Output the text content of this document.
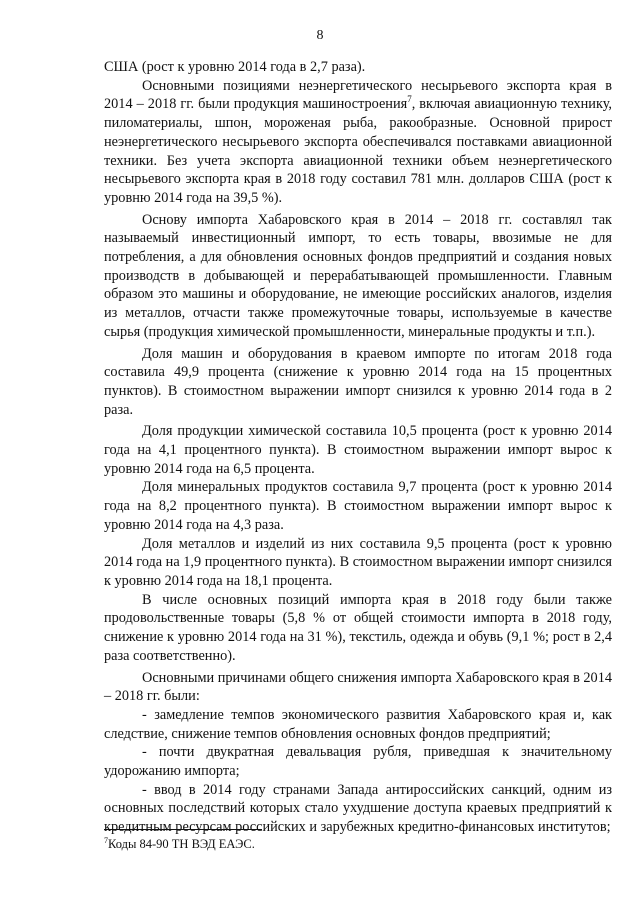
8

США (рост к уровню 2014 года в 2,7 раза).

Основными позициями неэнергетического несырьевого экспорта края в 2014 – 2018 гг. были продукция машиностроения$^7$, включая авиационную технику, пиломатериалы, шпон, мороженая рыба, ракообразные. Основной прирост неэнергетического несырьевого экспорта обеспечивался поставками авиационной техники. Без учета экспорта авиационной техники объем неэнергетического несырьевого экспорта края в 2018 году составил 781 млн. долларов США (рост к уровню 2014 года на 39,5 %).

Основу импорта Хабаровского края в 2014 – 2018 гг. составлял так называемый инвестиционный импорт, то есть товары, ввозимые не для потребления, а для обновления основных фондов предприятий и создания новых производств в добывающей и перерабатывающей промышленности. Главным образом это машины и оборудование, не имеющие российских аналогов, изделия из металлов, отчасти также промежуточные товары, используемые в качестве сырья (продукция химической промышленности, минеральные продукты и т.п.).

Доля машин и оборудования в краевом импорте по итогам 2018 года составила 49,9 процента (снижение к уровню 2014 года на 15 процентных пунктов). В стоимостном выражении импорт снизился к уровню 2014 года в 2 раза.

Доля продукции химической составила 10,5 процента (рост к уровню 2014 года на 4,1 процентного пункта). В стоимостном выражении импорт вырос к уровню 2014 года на 6,5 процента.

Доля минеральных продуктов составила 9,7 процента (рост к уровню 2014 года на 8,2 процентного пункта). В стоимостном выражении импорт вырос к уровню 2014 года на 4,3 раза.

Доля металлов и изделий из них составила 9,5 процента (рост к уровню 2014 года на 1,9 процентного пункта). В стоимостном выражении импорт снизился к уровню 2014 года на 18,1 процента.

В числе основных позиций импорта края в 2018 году были также продовольственные товары (5,8 % от общей стоимости импорта в 2018 году, снижение к уровню 2014 года на 31 %), текстиль, одежда и обувь (9,1 %; рост в 2,4 раза соответственно).

Основными причинами общего снижения импорта Хабаровского края в 2014 – 2018 гг. были:

- замедление темпов экономического развития Хабаровского края и, как следствие, снижение темпов обновления основных фондов предприятий;

- почти двукратная девальвация рубля, приведшая к значительному удорожанию импорта;

- ввод в 2014 году странами Запада антироссийских санкций, одним из основных последствий которых стало ухудшение доступа краевых предприятий к кредитным ресурсам российских и зарубежных кредитно-финансовых институтов;

$^7$Коды 84-90 ТН ВЭД ЕАЭС.
